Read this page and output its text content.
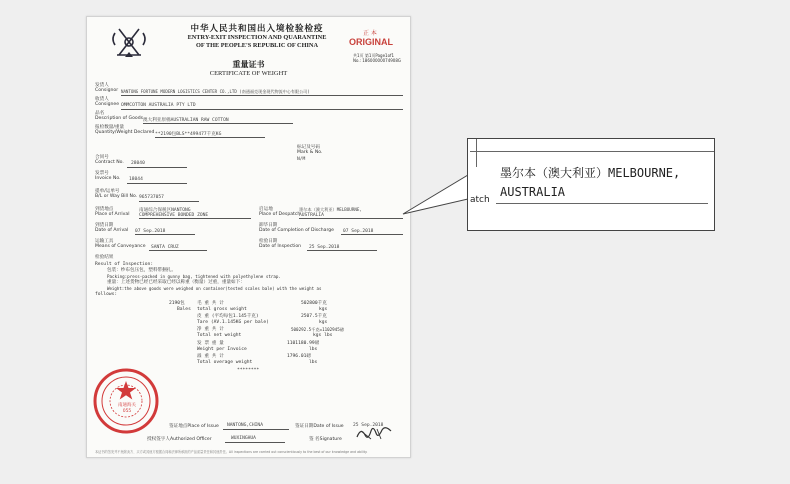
中华人民共和国出入境检验检疫
ENTRY-EXIT INSPECTION AND QUARANTINE
OF THE PEOPLE'S REPUBLIC OF CHINA
正 本
ORIGINAL
共1页 第1页Page1of1
No.: 18600000074908G
重量证书
CERTIFICATE OF WEIGHT
发货人
Consignor NANTONG FORTUNE MODERN LOGISTICS CENTER CO.,LTD (南通福克现金现代物流中心有限公司)
收货人
Consignee OMMCOTTON AUSTRALIA PTY LTD
品名
Description of Goods 澳大利亚原棉AUSTRALIAN RAW COTTON
报检数量/重量
Quantity/Weight Declared **2190包BLS**499477千克KG
标记及号码
Mark & No.
N/M
合同号
Contract No. 28040
发票号
Invoice No. 18044
提单/运单号
B/L or Way Bill No. 965737057
到货地点
Place of Arrival
南通综合保税区NANTONG
COMPREHENSIVE BONDED ZONE
启运地
Place of Despatch
墨尔本（澳大利亚）MELBOURNE,
AUSTRALIA
到货日期
Date of Arrival 07 Sep.2018
卸毕日期
Date of Completion of Discharge 07 Sep.2018
运输工具
Means of Conveyance SANTA CRUZ
检验日期
Date of Inspection 25 Sep.2018
检验结果
Result of Inspection:
包装：纱布包压包，塑料带捆扎。
Packing:press-packed in gunny bag, tightened with polyethylene strap.
重量：上述货物已经已经采取已经以称重（衡量）过重，重量如下：
Weight:the above goods were weighed on container(tested scales bale) with the weight as
follows:
2190包
Bales
毛 重 共 计
total gross weight
502800千克
kgs
皮 重 (平均每包1.145千克)
Tare (AV.1.145KG per bale)
2507.5千克
kgs
净 重 共 计
Total net weight
500292.5千克=1102945磅
kgs lbs
发 票 重 量
Weight per Invoice
1101180.99磅
lbs
溢 重 共 计
Total overage weight
1796.01磅
lbs
********
南通海关
055
签证地点Place of Issue NANTONG,CHINA	签证日期Date of Issue 25 Sep.2018
授权签字人Authorized Officer	WUXINGHUA	签 名Signature
本证书的签发并不免除卖方、买方或其他方根据合同和法律所承担的产品质量责任和其他责任。All inspections are carried out conscientiously to the best of our knowledge and ability.
墨尔本（澳大利亚）MELBOURNE,
AUSTRALIA
atch
